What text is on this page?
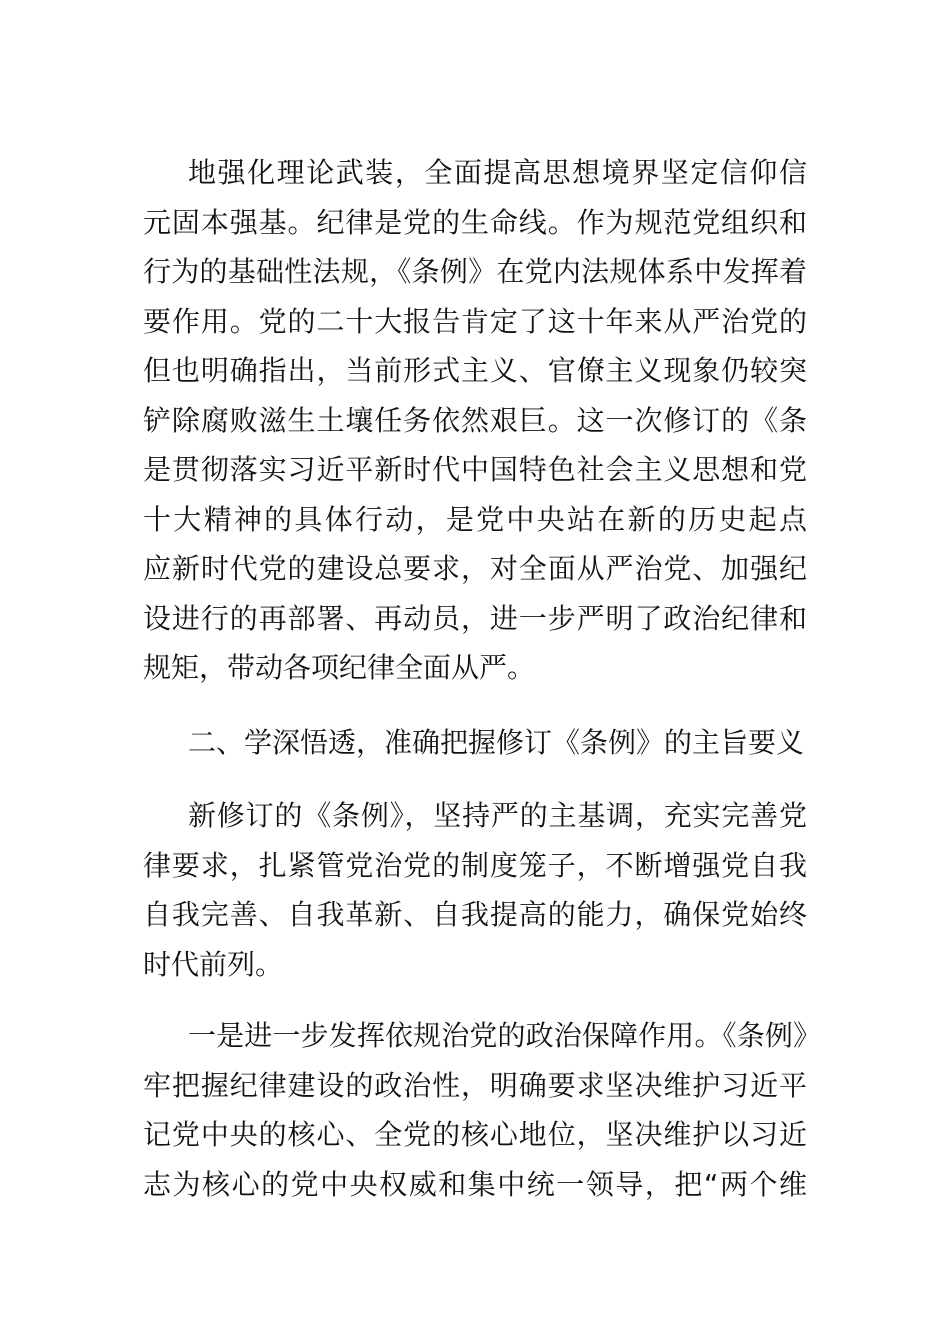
地强化理论武装，全面提高思想境界坚定信仰信
元固本强基。纪律是党的生命线。作为规范党组织和
行为的基础性法规，《条例》在党内法规体系中发挥着
要作用。党的二十大报告肯定了这十年来从严治党的
但也明确指出，当前形式主义、官僚主义现象仍较突
铲除腐败滋生土壤任务依然艰巨。这一次修订的《条
是贯彻落实习近平新时代中国特色社会主义思想和党
十大精神的具体行动，是党中央站在新的历史起点
应新时代党的建设总要求，对全面从严治党、加强纪
设进行的再部署、再动员，进一步严明了政治纪律和
规矩，带动各项纪律全面从严。
二、学深悟透，准确把握修订《条例》的主旨要义
新修订的《条例》，坚持严的主基调，充实完善党
律要求，扎紧管党治党的制度笼子，不断增强党自我
自我完善、自我革新、自我提高的能力，确保党始终
时代前列。
一是进一步发挥依规治党的政治保障作用。《条例》
牢把握纪律建设的政治性，明确要求坚决维护习近平
记党中央的核心、全党的核心地位，坚决维护以习近
志为核心的党中央权威和集中统一领导，把“两个维
